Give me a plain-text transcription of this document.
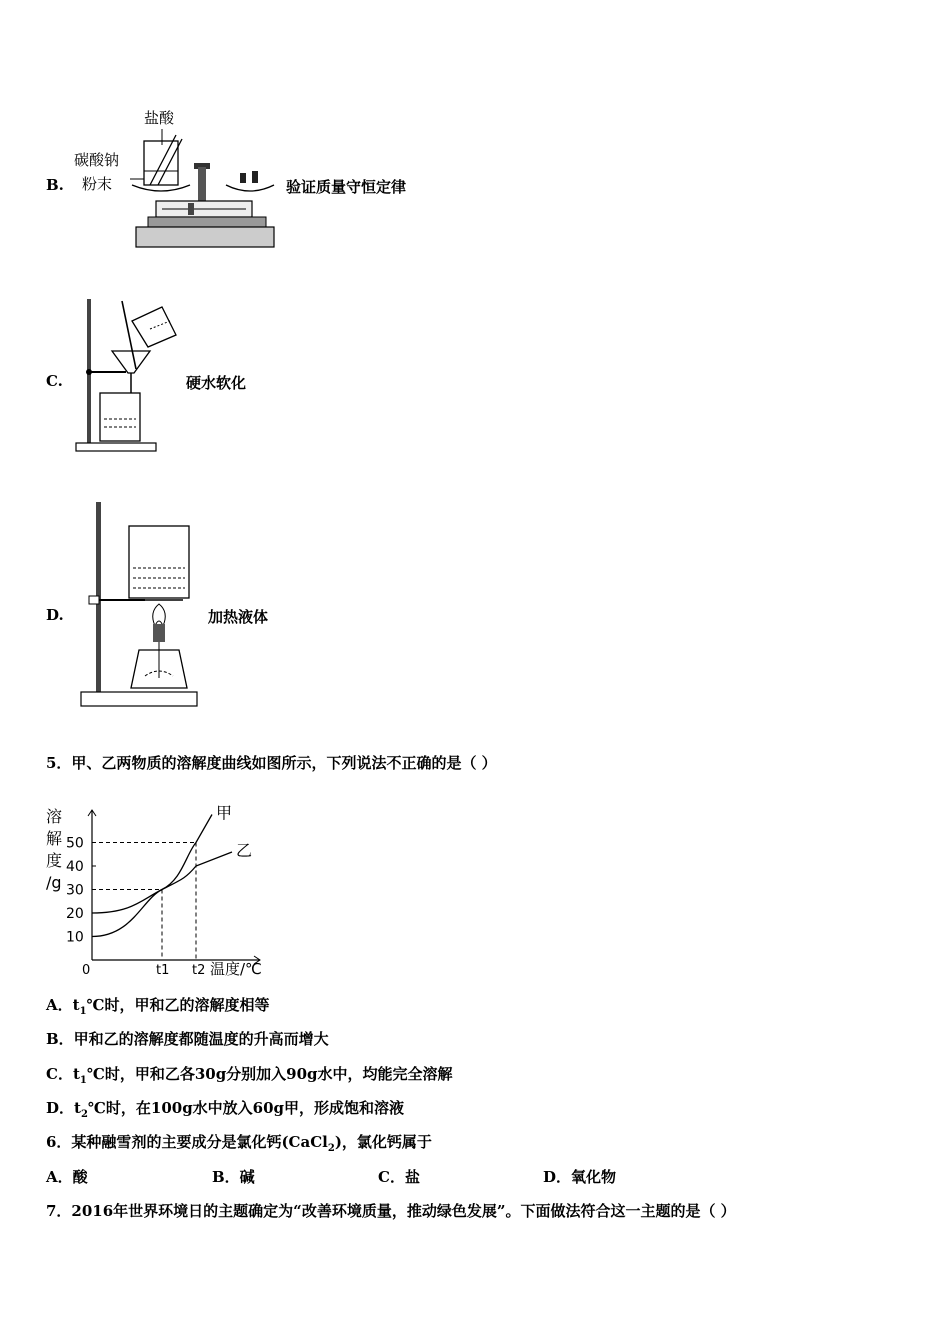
B.
盐酸
碳酸钠
粉末	验证质量守恒定律
C.	硬水软化
D.	加热液体
5．甲、乙两物质的溶解度曲线如图所示，下列说法不正确的是（ ）
10
20
30
40
50
溶
解
度
/g
0	t1 t2 温度/℃
甲
乙
A．$t_1℃$时，甲和乙的溶解度相等
B．甲和乙的溶解度都随温度的升高而增大
C．$t_1℃$时，甲和乙各30g分别加入90g水中，均能完全溶解
D．$t_2℃$时，在100g水中放入60g甲，形成饱和溶液
6．某种融雪剂的主要成分是氯化钙(CaCl$_2$)，氯化钙属于
A．酸	B．碱	C．盐	D．氧化物
7．2016年世界环境日的主题确定为“改善环境质量，推动绿色发展”。下面做法符合这一主题的是（ ）
